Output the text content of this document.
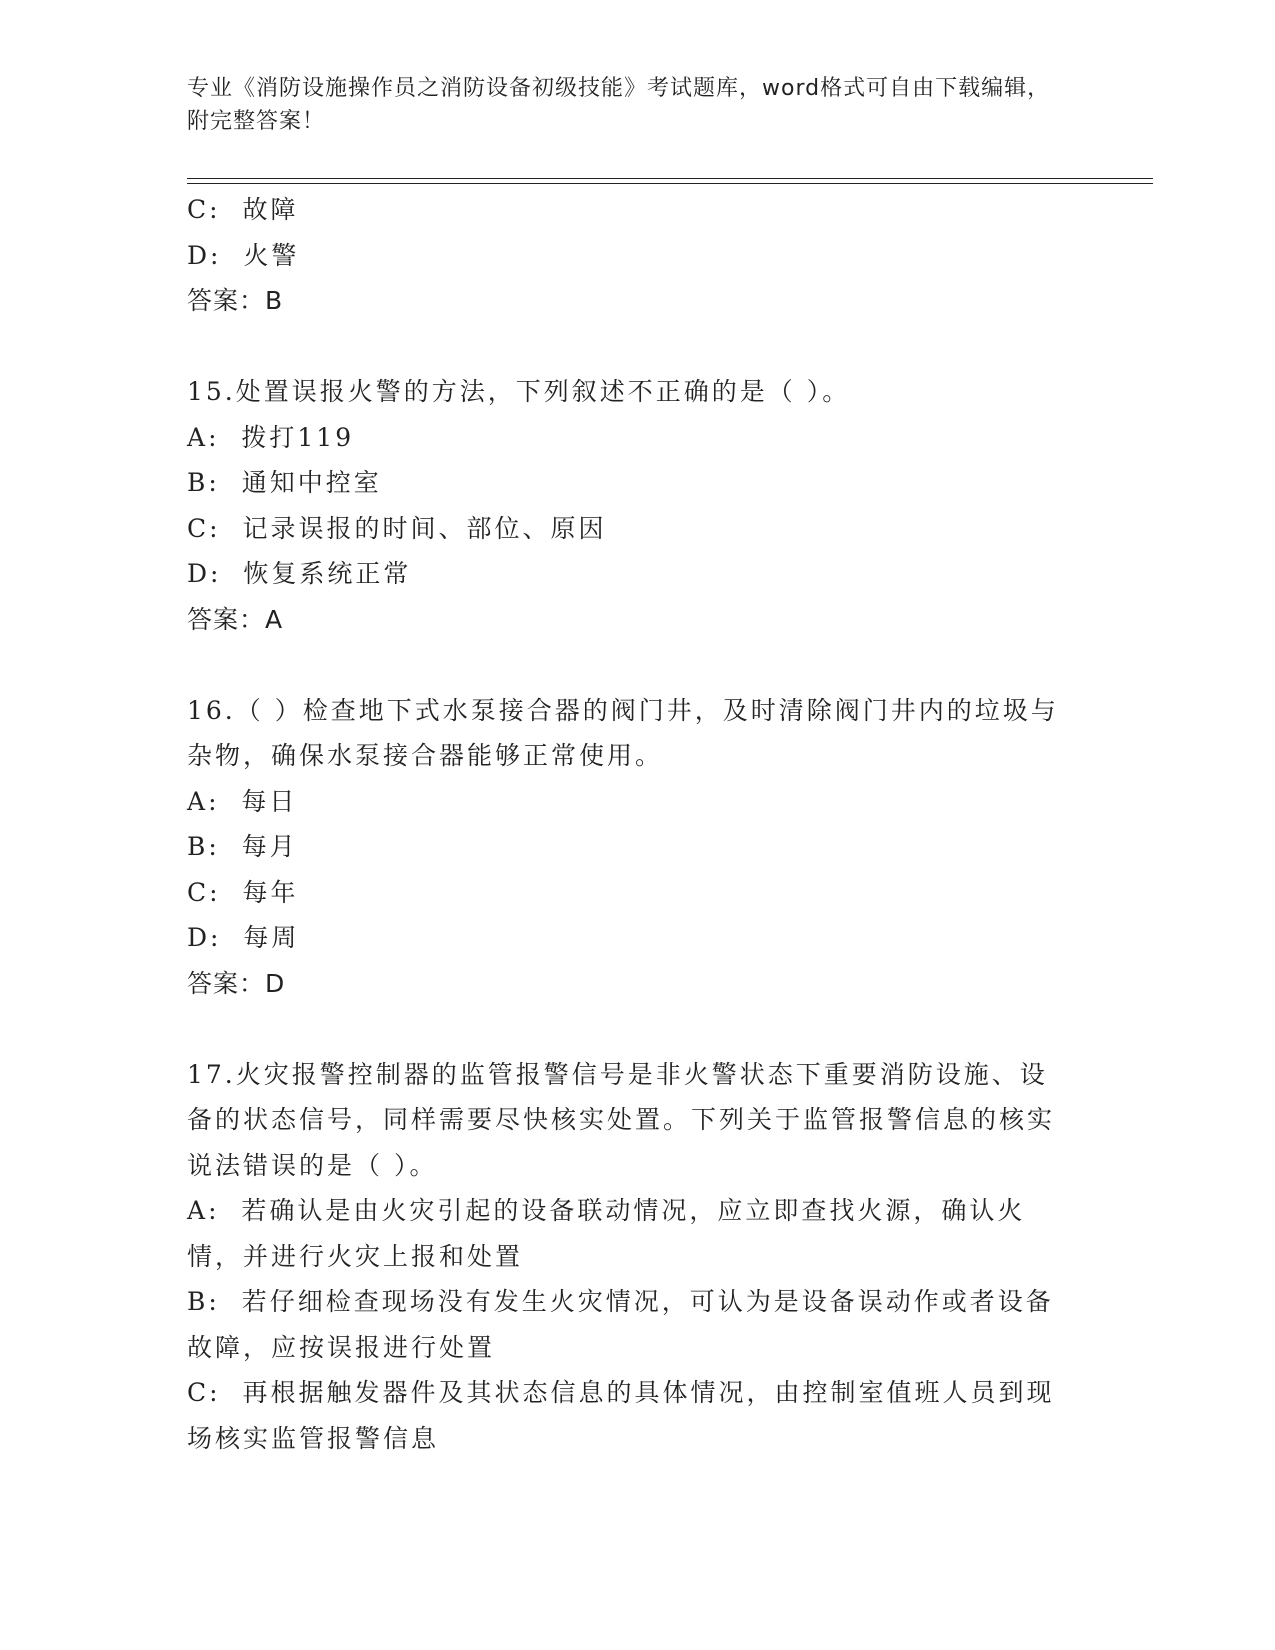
专业《消防设施操作员之消防设备初级技能》考试题库，word格式可自由下载编辑，附完整答案！
C:  故障
D:  火警
答案：B
15.处置误报火警的方法，下列叙述不正确的是（ ）。
A:  拨打119
B:  通知中控室
C:  记录误报的时间、部位、原因
D:  恢复系统正常
答案：A
16.（ ）检查地下式水泵接合器的阀门井，及时清除阀门井内的垃圾与杂物，确保水泵接合器能够正常使用。
A:  每日
B:  每月
C:  每年
D:  每周
答案：D
17.火灾报警控制器的监管报警信号是非火警状态下重要消防设施、设备的状态信号，同样需要尽快核实处置。下列关于监管报警信息的核实说法错误的是（ ）。
A:  若确认是由火灾引起的设备联动情况，应立即查找火源，确认火情，并进行火灾上报和处置
B:  若仔细检查现场没有发生火灾情况，可认为是设备误动作或者设备故障，应按误报进行处置
C:  再根据触发器件及其状态信息的具体情况，由控制室值班人员到现场核实监管报警信息
